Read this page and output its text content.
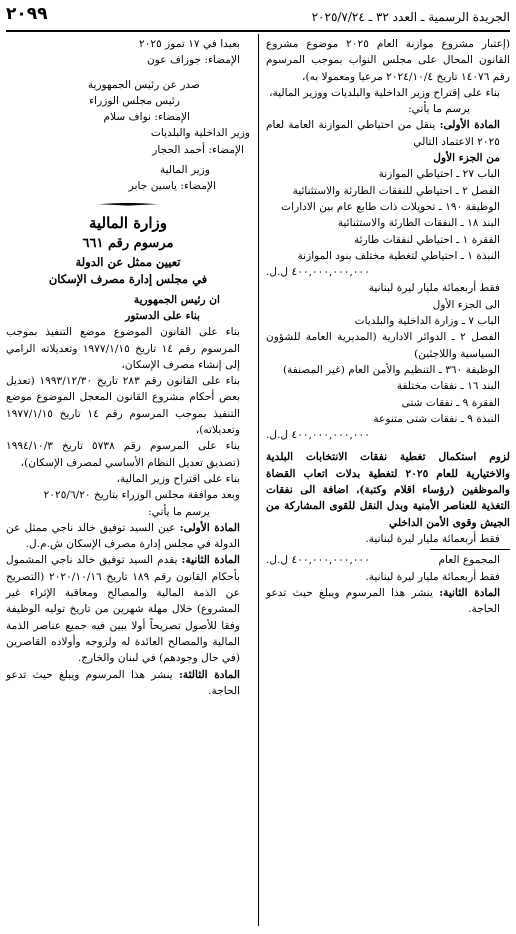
الجريدة الرسمية ـ العدد ٣٢ ـ ٢٠٢٥/٧/٢٤
٢٠٩٩

(إعتبار مشروع موازنة العام ٢٠٢٥ موضوع مشروع القانون المحال على مجلس النواب بموجب المرسوم رقم ١٤٠٧٦ تاريخ ٢٠٢٤/١٠/٤ مرعيا ومعمولا به)،

بناء على إقتراح وزير الداخلية والبلديات ووزير المالية،

يرسم ما يأتي:

المادة الأولى: ينقل من احتياطي الموازنة العامة لعام ٢٠٢٥ الاعتماد التالي

من الجزء الأول

الباب ٢٧ ـ احتياطي الموازنة

الفصل ٢ ـ احتياطي للنفقات الطارئة والاستثنائية

الوظيفة ١٩٠ ـ تحويلات ذات طابع عام بين الادارات

البند ١٨ ـ النفقات الطارئة والاستثنائية

الفقرة ١ ـ احتياطي لنفقات طارئة

النبذة ١ ـ احتياطي لتغطية مختلف بنود الموازنة

٤٠٠,٠٠٠,٠٠٠,٠٠٠ ل.ل.

فقط أربعمائة مليار ليرة لبنانية

الى الجزء الأول

الباب ٧ ـ وزارة الداخلية والبلديات

الفصل ٢ ـ الدوائر الادارية (المديرية العامة للشؤون السياسية واللاجئين)

الوظيفة ٣٦٠ ـ التنظيم والأمن العام (غير المصنفة)

البند ١٦ ـ نفقات مختلفة

الفقرة ٩ ـ نفقات شتى

النبذة ٩ ـ نفقات شتى متنوعة

٤٠٠,٠٠٠,٠٠٠,٠٠٠ ل.ل.

لزوم استكمال تغطية نفقات الانتخابات البلدية والاختيارية للعام ٢٠٢٥ لتغطية بدلات اتعاب القضاة والموظفين (رؤساء اقلام وكتبة)، اضافة الى نفقات التغذية للعناصر الأمنية وبدل النقل للقوى المشاركة من الجيش وقوى الأمن الداخلي

فقط أربعمائة مليار ليرة لبنانية.

المجموع العام
٤٠٠,٠٠٠,٠٠٠,٠٠٠ ل.ل.

فقط أربعمائة مليار ليرة لبنانية.

المادة الثانية: ينشر هذا المرسوم ويبلغ حيث تدعو الحاجة.

بعبدا في ١٧ تموز ٢٠٢٥

الإمضاء: جوزاف عون

صدر عن رئيس الجمهورية

رئيس مجلس الوزراء

الإمضاء: نواف سلام

وزير الداخلية والبلديات

الإمضاء: أحمد الحجار

وزير المالية

الإمضاء: ياسين جابر

وزارة المالية
مرسوم رقم ٦٦١
تعيين ممثل عن الدولة
في مجلس إدارة مصرف الإسكان

ان رئيس الجمهورية

بناء على الدستور

بناء على القانون الموضوع موضع التنفيذ بموجب المرسوم رقم ١٤ تاريخ ١٩٧٧/١/١٥ وتعديلاته الرامي إلى إنشاء مصرف الإسكان،

بناء على القانون رقم ٢٨٣ تاريخ ١٩٩٣/١٢/٣٠ (تعديل بعض أحكام مشروع القانون المعجل الموضوع موضع التنفيذ بموجب المرسوم رقم ١٤ تاريخ ١٩٧٧/١/١٥ وتعديلاته)،

بناء على المرسوم رقم ٥٧٣٨ تاريخ ١٩٩٤/١٠/٣ (تصديق تعديل النظام الأساسي لمصرف الإسكان)،

بناء على اقتراح وزير المالية،

وبعد موافقة مجلس الوزراء بتاريخ ٢٠٢٥/٦/٢٠

يرسم ما يأتي:

المادة الأولى: عين السيد توفيق خالد ناجي ممثل عن الدولة في مجلس إدارة مصرف الإسكان ش.م.ل.

المادة الثانية: يقدم السيد توفيق خالد ناجي المشمول بأحكام القانون رقم ١٨٩ تاريخ ٢٠٢٠/١٠/١٦ (التصريح عن الذمة المالية والمصالح ومعاقبة الإثراء غير المشروع) خلال مهلة شهرين من تاريخ توليه الوظيفة وفقا للأصول تصريحاً أولا يبين فيه جميع عناصر الذمة المالية والمصالح العائدة له ولزوجه وأولاده القاصرين (في حال وجودهم) في لبنان والخارج.

المادة الثالثة: ينشر هذا المرسوم ويبلغ حيث تدعو الحاجة.
